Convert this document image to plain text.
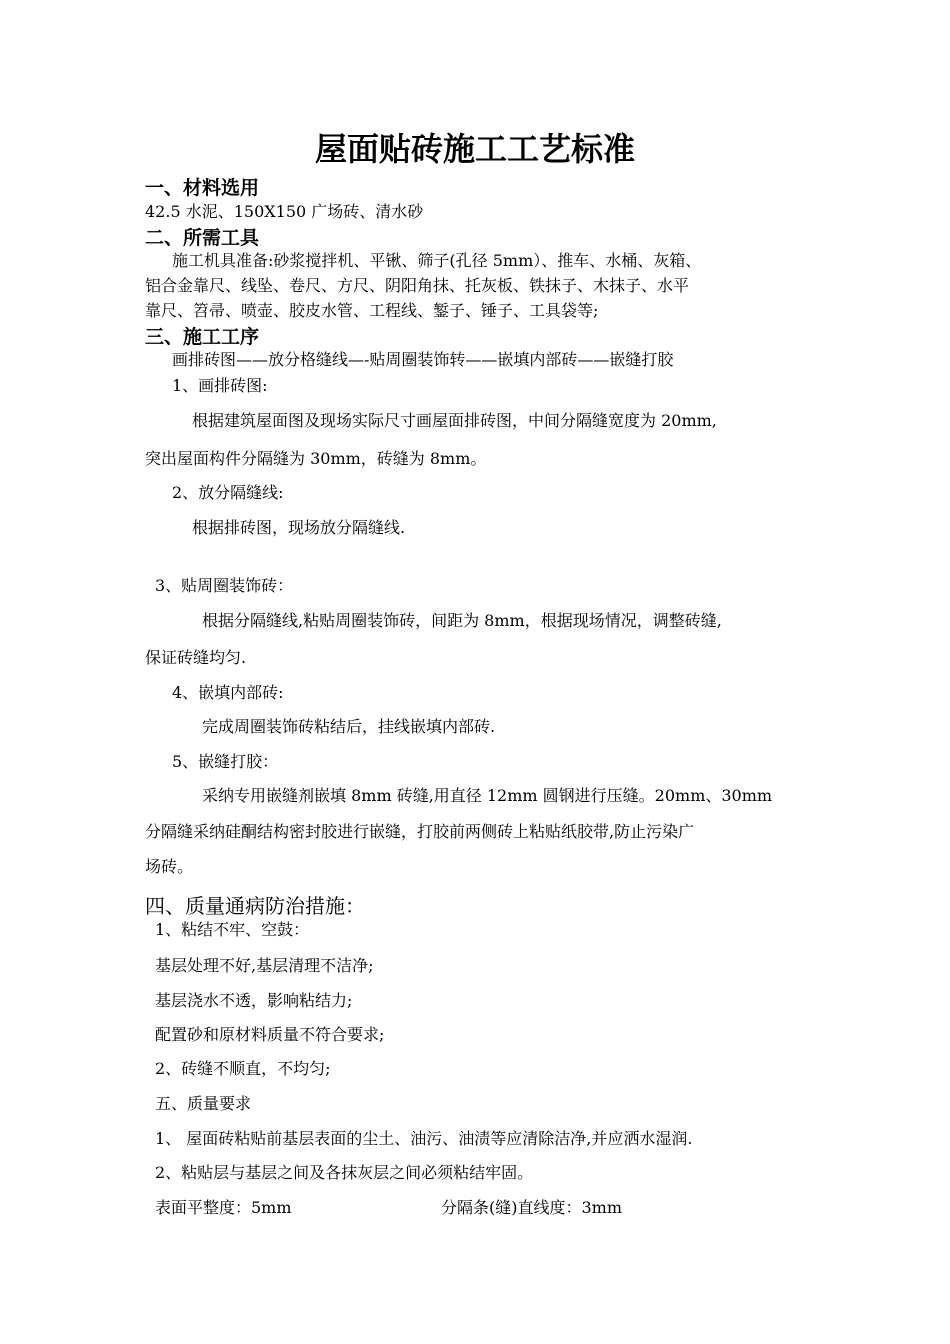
屋面贴砖施工工艺标准
一、材料选用
42.5 水泥、150X150 广场砖、清水砂
二、所需工具
施工机具准备:砂浆搅拌机、平锹、筛子(孔径 5mm）、推车、水桶、灰箱、
铝合金靠尺、线坠、卷尺、方尺、阴阳角抹、托灰板、铁抹子、木抹子、水平
靠尺、笤帚、喷壶、胶皮水管、工程线、錾子、锤子、工具袋等;
三、施工工序
画排砖图——放分格缝线—-贴周圈装饰转——嵌填内部砖——嵌缝打胶
1、画排砖图:
根据建筑屋面图及现场实际尺寸画屋面排砖图，中间分隔缝宽度为 20mm,
突出屋面构件分隔缝为 30mm，砖缝为 8mm。
2、放分隔缝线:
根据排砖图，现场放分隔缝线.
3、贴周圈装饰砖：
根据分隔缝线,粘贴周圈装饰砖，间距为 8mm，根据现场情况，调整砖缝,
保证砖缝均匀.
4、嵌填内部砖:
完成周圈装饰砖粘结后，挂线嵌填内部砖.
5、嵌缝打胶：
采纳专用嵌缝剂嵌填 8mm 砖缝,用直径 12mm 圆钢进行压缝。20mm、30mm
分隔缝采纳硅酮结构密封胶进行嵌缝，打胶前两侧砖上粘贴纸胶带,防止污染广
场砖。
四、质量通病防治措施：
1、粘结不牢、空鼓：
基层处理不好,基层清理不洁净;
基层浇水不透，影响粘结力;
配置砂和原材料质量不符合要求;
2、砖缝不顺直，不均匀;
五、质量要求
1、 屋面砖粘贴前基层表面的尘土、油污、油渍等应清除洁净,并应洒水湿润.
2、粘贴层与基层之间及各抹灰层之间必须粘结牢固。
表面平整度：5mm	分隔条(缝)直线度：3mm
